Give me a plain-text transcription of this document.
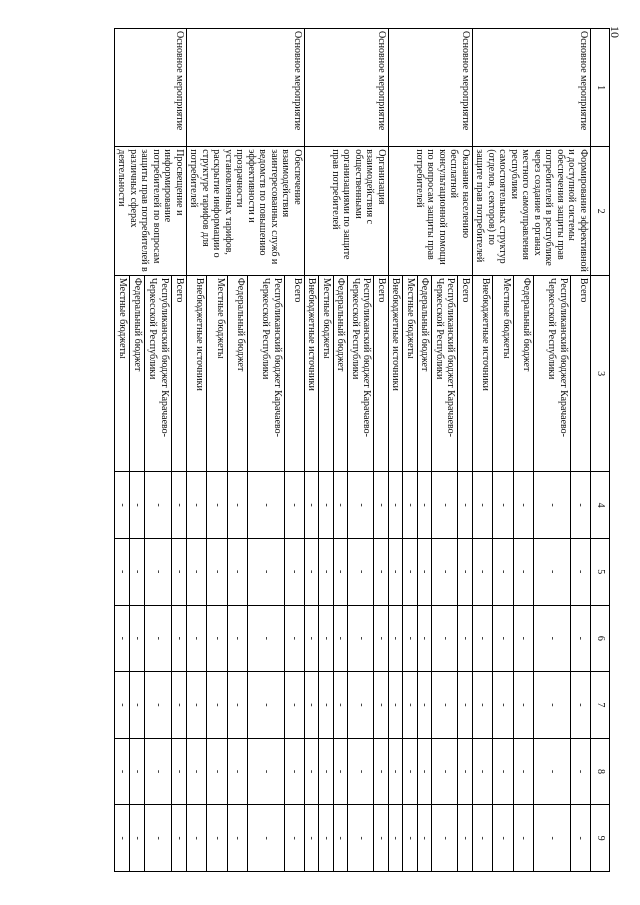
10
1	2	3	4	5	6	7	8	9
Основное мероприятие	Формирование эффективной и доступной системы обеспечения защиты прав потребителей в республике через создание в органах местного самоуправления республики самостоятельных структур (отделов, секторов) по защите прав потребителей	Всего	-	-	-	-	-	-
		Республиканский бюджет Карачаево-Черкесской Республики	-	-	-	-	-	-
		Федеральный бюджет	-	-	-	-	-	-
		Местные бюджеты	-	-	-	-	-	-
		Внебюджетные источники	-	-	-	-	-	-
Основное мероприятие	Оказание населению бесплатной консультационной помощи по вопросам защиты прав потребителей	Всего	-	-	-	-	-	-
		Республиканский бюджет Карачаево-Черкесской Республики	-	-	-	-	-	-
		Федеральный бюджет	-	-	-	-	-	-
		Местные бюджеты	-	-	-	-	-	-
		Внебюджетные источники	-	-	-	-	-	-
Основное мероприятие	Организация взаимодействия с общественными организациями по защите прав потребителей	Всего	-	-	-	-	-	-
		Республиканский бюджет Карачаево-Черкесской Республики	-	-	-	-	-	-
		Федеральный бюджет	-	-	-	-	-	-
		Местные бюджеты	-	-	-	-	-	-
		Внебюджетные источники	-	-	-	-	-	-
Основное мероприятие	Обеспечение взаимодействия заинтересованных служб и ведомств по повышению эффективности и прозрачности установленных тарифов, раскрытие информации о структуре тарифов для потребителей	Всего	-	-	-	-	-	-
		Республиканский бюджет Карачаево-Черкесской Республики	-	-	-	-	-	-
		Федеральный бюджет	-	-	-	-	-	-
		Местные бюджеты	-	-	-	-	-	-
		Внебюджетные источники	-	-	-	-	-	-
Основное мероприятие	Просвещение и информирование потребителей по вопросам защиты прав потребителей в различных сферах деятельности	Всего	-	-	-	-	-	-
		Республиканский бюджет Карачаево-Черкесской Республики	-	-	-	-	-	-
		Федеральный бюджет	-	-	-	-	-	-
		Местные бюджеты	-	-	-	-	-	-
